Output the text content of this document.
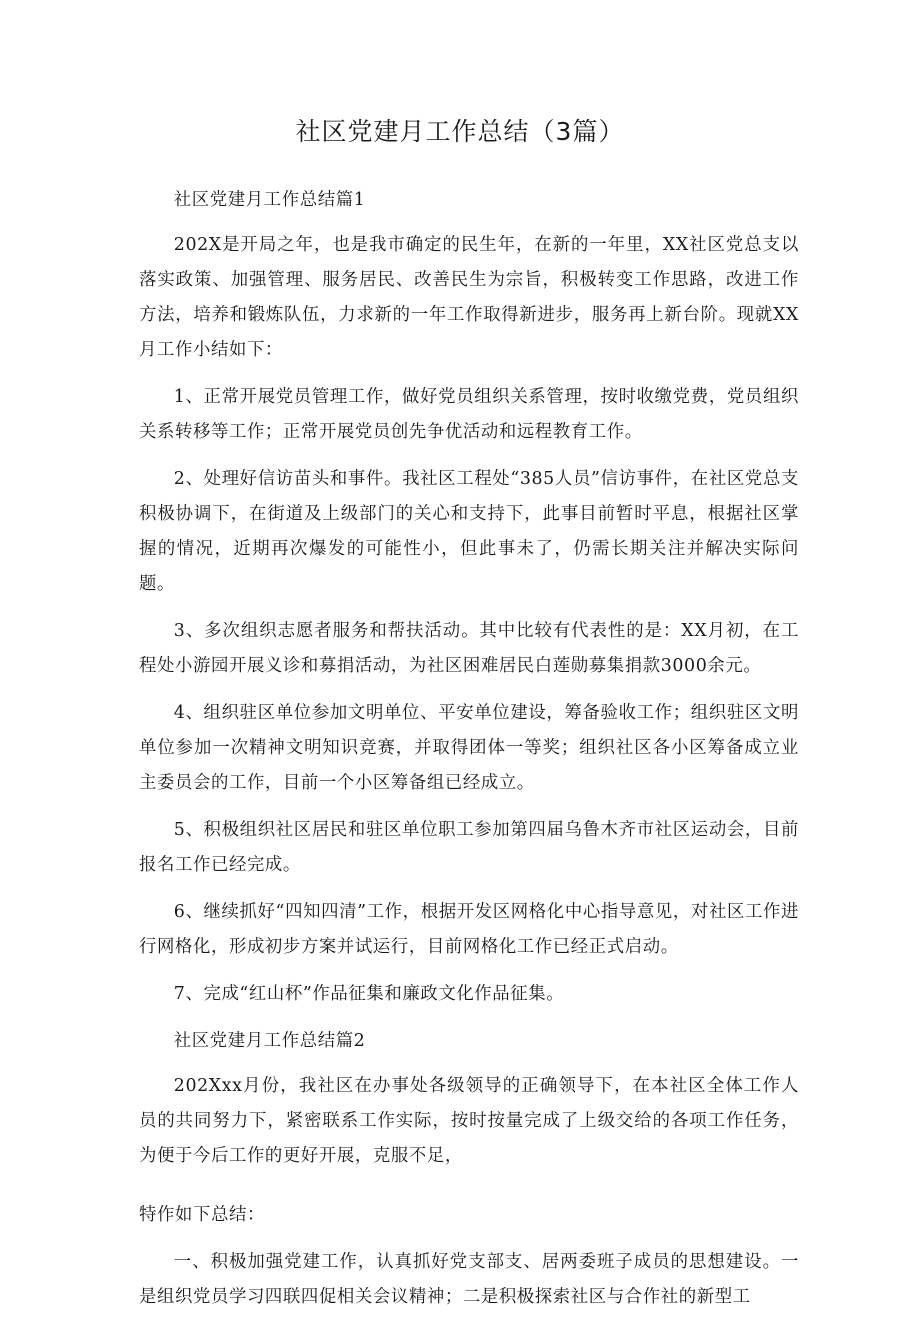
社区党建月工作总结（3篇）

社区党建月工作总结篇1

202X是开局之年，也是我市确定的民生年，在新的一年里，XX社区党总支以落实政策、加强管理、服务居民、改善民生为宗旨，积极转变工作思路，改进工作方法，培养和锻炼队伍，力求新的一年工作取得新进步，服务再上新台阶。现就XX月工作小结如下：

1、正常开展党员管理工作，做好党员组织关系管理，按时收缴党费，党员组织关系转移等工作；正常开展党员创先争优活动和远程教育工作。

2、处理好信访苗头和事件。我社区工程处“385人员”信访事件，在社区党总支积极协调下，在街道及上级部门的关心和支持下，此事目前暂时平息，根据社区掌握的情况，近期再次爆发的可能性小，但此事未了，仍需长期关注并解决实际问题。

3、多次组织志愿者服务和帮扶活动。其中比较有代表性的是：XX月初，在工程处小游园开展义诊和募捐活动，为社区困难居民白莲勋募集捐款3000余元。

4、组织驻区单位参加文明单位、平安单位建设，筹备验收工作；组织驻区文明单位参加一次精神文明知识竞赛，并取得团体一等奖；组织社区各小区筹备成立业主委员会的工作，目前一个小区筹备组已经成立。

5、积极组织社区居民和驻区单位职工参加第四届乌鲁木齐市社区运动会，目前报名工作已经完成。

6、继续抓好“四知四清”工作，根据开发区网格化中心指导意见，对社区工作进行网格化，形成初步方案并试运行，目前网格化工作已经正式启动。

7、完成“红山杯”作品征集和廉政文化作品征集。

社区党建月工作总结篇2

202Xxx月份，我社区在办事处各级领导的正确领导下，在本社区全体工作人员的共同努力下，紧密联系工作实际，按时按量完成了上级交给的各项工作任务，为便于今后工作的更好开展，克服不足，

特作如下总结：

一、积极加强党建工作，认真抓好党支部支、居两委班子成员的思想建设。一是组织党员学习四联四促相关会议精神；二是积极探索社区与合作社的新型工
